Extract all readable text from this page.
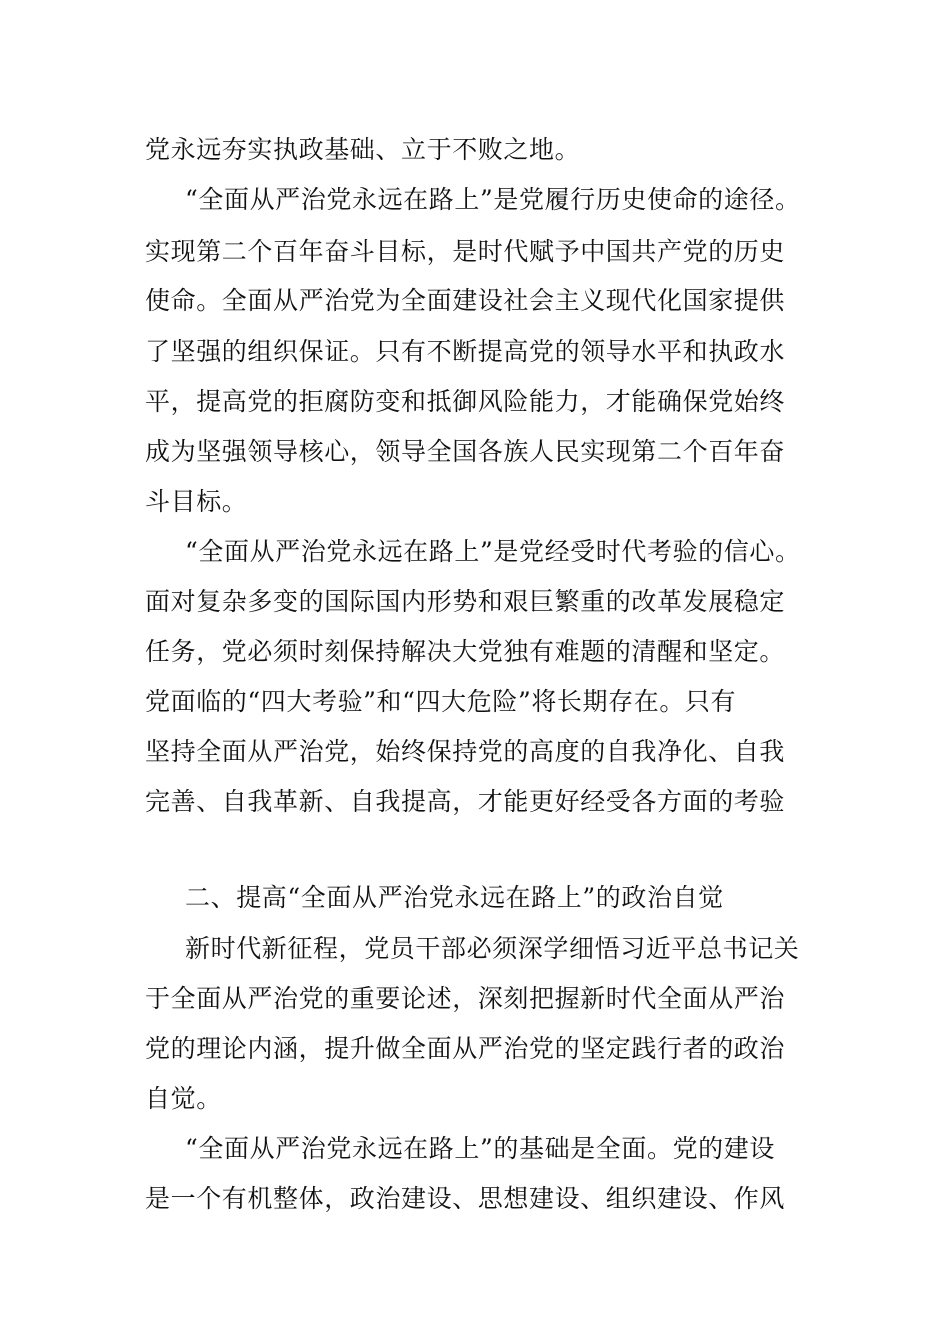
党永远夯实执政基础、立于不败之地。
“全面从严治党永远在路上”是党履行历史使命的途径。
实现第二个百年奋斗目标，是时代赋予中国共产党的历史
使命。全面从严治党为全面建设社会主义现代化国家提供
了坚强的组织保证。只有不断提高党的领导水平和执政水
平，提高党的拒腐防变和抵御风险能力，才能确保党始终
成为坚强领导核心，领导全国各族人民实现第二个百年奋
斗目标。
“全面从严治党永远在路上”是党经受时代考验的信心。
面对复杂多变的国际国内形势和艰巨繁重的改革发展稳定
任务，党必须时刻保持解决大党独有难题的清醒和坚定。
党面临的“四大考验”和“四大危险”将长期存在。只有
坚持全面从严治党，始终保持党的高度的自我净化、自我
完善、自我革新、自我提高，才能更好经受各方面的考验
二、提高“全面从严治党永远在路上”的政治自觉
新时代新征程，党员干部必须深学细悟习近平总书记关
于全面从严治党的重要论述，深刻把握新时代全面从严治
党的理论内涵，提升做全面从严治党的坚定践行者的政治
自觉。
“全面从严治党永远在路上”的基础是全面。党的建设
是一个有机整体，政治建设、思想建设、组织建设、作风
